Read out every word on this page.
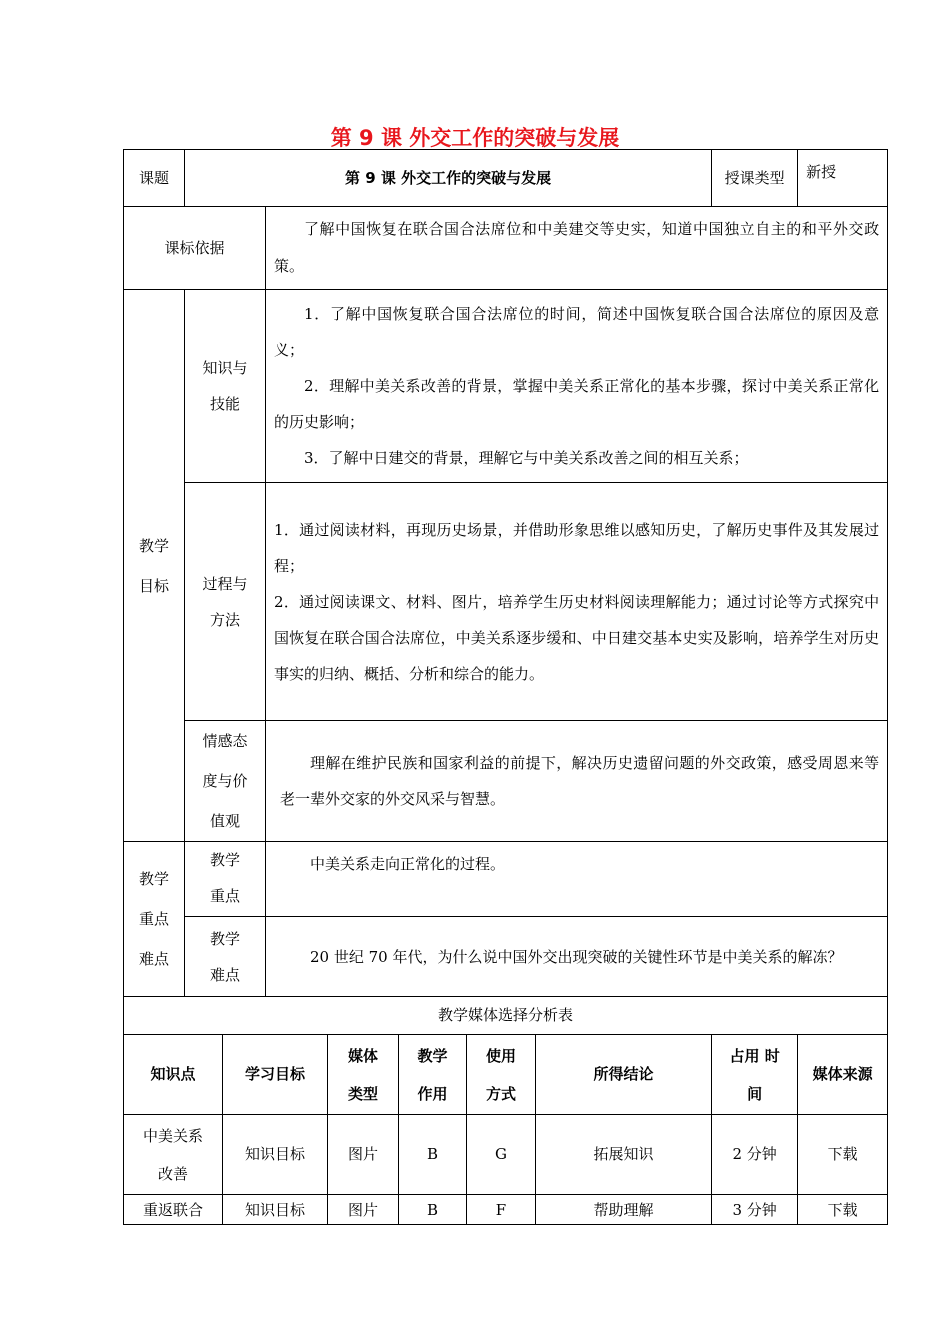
第 9 课 外交工作的突破与发展
课题	第 9 课 外交工作的突破与发展							授课类型	新授
课标依据			了解中国恢复在联合国合法席位和中美建交等史实，知道中国独立自主的和平外交政策。						

教学目标	知识与技能		1．了解中国恢复联合国合法席位的时间，简述中国恢复联合国合法席位的原因及意义；
2．理解中美关系改善的背景，掌握中美关系正常化的基本步骤，探讨中美关系正常化的历史影响；
3．了解中日建交的背景，理解它与中美关系改善之间的相互关系；						

	过程与方法		1．通过阅读材料，再现历史场景，并借助形象思维以感知历史，了解历史事件及其发展过程；
2．通过阅读课文、材料、图片，培养学生历史材料阅读理解能力；通过讨论等方式探究中国恢复在联合国合法席位，中美关系逐步缓和、中日建交基本史实及影响，培养学生对历史事实的归纳、概括、分析和综合的能力。						

	情感态度与价值观		理解在维护民族和国家利益的前提下，解决历史遗留问题的外交政策，感受周恩来等老一辈外交家的外交风采与智慧。						

教学重点难点	教学重点		中美关系走向正常化的过程。						

	教学难点		20 世纪 70 年代，为什么说中国外交出现突破的关键性环节是中美关系的解冻？						

教学媒体选择分析表									
知识点		学习目标		媒体类型	教学作用	使用方式	所得结论	占用 时间	媒体来源

中美关系改善		知识目标		图片	B	G	拓展知识	2 分钟	下载
重返联合		知识目标		图片	B	F	帮助理解	3 分钟	下载
